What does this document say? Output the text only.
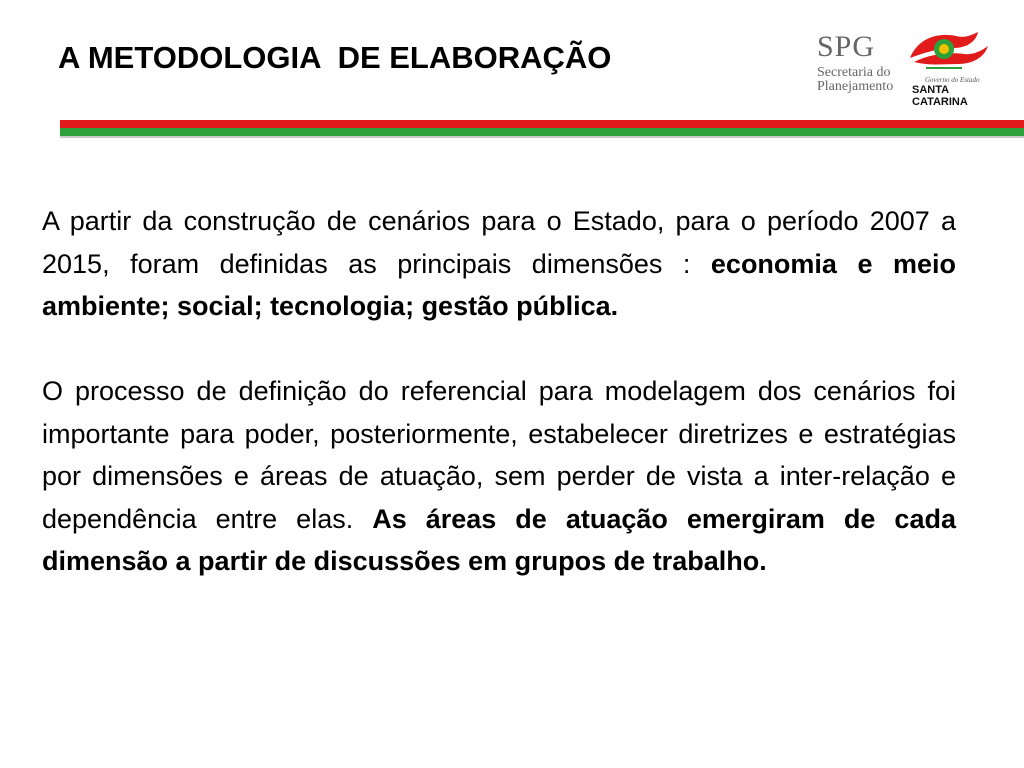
A METODOLOGIA  DE ELABORAÇÃO	SPG
Secretaria do
Planejamento	Governo do Estado
SANTA CATARINA

A partir da construção de cenários para o Estado, para o período 2007 a 2015, foram definidas as principais dimensões : economia e meio ambiente; social; tecnologia; gestão pública.

O processo de definição do referencial para modelagem dos cenários foi importante para poder, posteriormente, estabelecer diretrizes e estratégias por dimensões e áreas de atuação, sem perder de vista a inter-relação e dependência entre elas. As áreas de atuação emergiram de cada dimensão a partir de discussões em grupos de trabalho.
